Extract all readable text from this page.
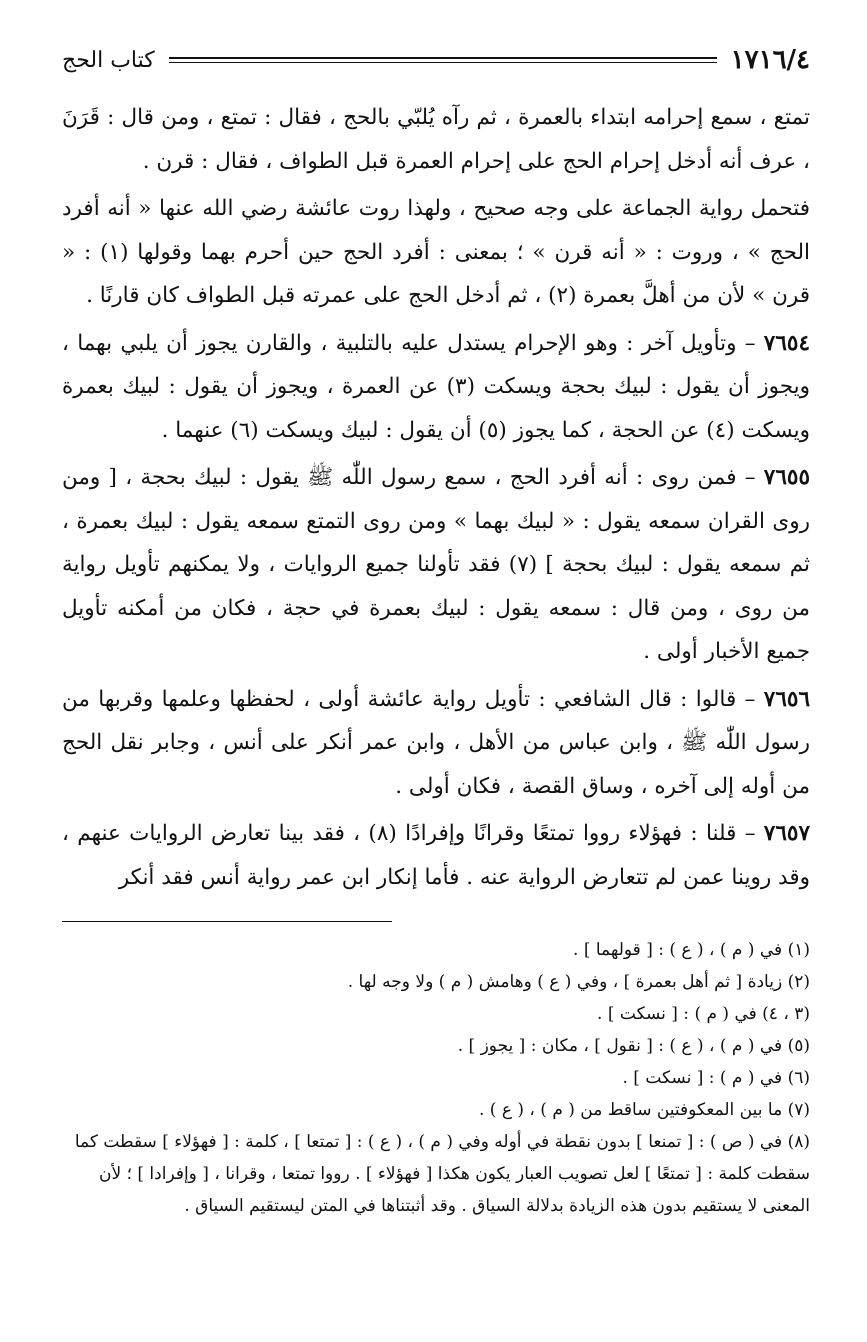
١٧١٦/٤
كتاب الحج

تمتع ، سمع إحرامه ابتداء بالعمرة ، ثم رآه يُلبّي بالحج ، فقال : تمتع ، ومن قال : قَرَنَ ، عرف أنه أدخل إحرام الحج على إحرام العمرة قبل الطواف ، فقال : قرن .

فتحمل رواية الجماعة على وجه صحيح ، ولهذا روت عائشة رضي الله عنها « أنه أفرد الحج » ، وروت : « أنه قرن » ؛ بمعنى : أفرد الحج حين أحرم بهما وقولها (١) : « قرن » لأن من أهلَّ بعمرة (٢) ، ثم أدخل الحج على عمرته قبل الطواف كان قارنًا .

٧٦٥٤ – وتأويل آخر : وهو الإحرام يستدل عليه بالتلبية ، والقارن يجوز أن يلبي بهما ، ويجوز أن يقول : لبيك بحجة ويسكت (٣) عن العمرة ، ويجوز أن يقول : لبيك بعمرة ويسكت (٤) عن الحجة ، كما يجوز (٥) أن يقول : لبيك ويسكت (٦) عنهما .

٧٦٥٥ – فمن روى : أنه أفرد الحج ، سمع رسول اللّٰه ﷺ يقول : لبيك بحجة ، [ ومن روى القران سمعه يقول : « لبيك بهما » ومن روى التمتع سمعه يقول : لبيك بعمرة ، ثم سمعه يقول : لبيك بحجة ] (٧) فقد تأولنا جميع الروايات ، ولا يمكنهم تأويل رواية من روى ، ومن قال : سمعه يقول : لبيك بعمرة في حجة ، فكان من أمكنه تأويل جميع الأخبار أولى .

٧٦٥٦ – قالوا : قال الشافعي : تأويل رواية عائشة أولى ، لحفظها وعلمها وقربها من رسول اللّٰه ﷺ ، وابن عباس من الأهل ، وابن عمر أنكر على أنس ، وجابر نقل الحج من أوله إلى آخره ، وساق القصة ، فكان أولى .

٧٦٥٧ – قلنا : فهؤلاء رووا تمتعًا وقرانًا وإفرادًا (٨) ، فقد بينا تعارض الروايات عنهم ، وقد روينا عمن لم تتعارض الرواية عنه . فأما إنكار ابن عمر رواية أنس فقد أنكر

(١) في ( م ) ، ( ع ) : [ قولهما ] .

(٢) زيادة [ ثم أهل بعمرة ] ، وفي ( ع ) وهامش ( م ) ولا وجه لها .

(٣ ، ٤) في ( م ) : [ نسكت ] .

(٥) في ( م ) ، ( ع ) : [ نقول ] ، مكان : [ يجوز ] .

(٦) في ( م ) : [ نسكت ] .

(٧) ما بين المعكوفتين ساقط من ( م ) ، ( ع ) .

(٨) في ( ص ) : [ تمنعا ] بدون نقطة في أوله وفي ( م ) ، ( ع ) : [ تمتعا ] ، كلمة : [ فهؤلاء ] سقطت كما سقطت كلمة : [ تمتعًا ] لعل تصويب العبار يكون هكذا [ فهؤلاء ] . رووا تمتعا ، وقرانا ، [ وإفرادا ] ؛ لأن المعنى لا يستقيم بدون هذه الزيادة بدلالة السياق . وقد أثبتناها في المتن ليستقيم السياق .
